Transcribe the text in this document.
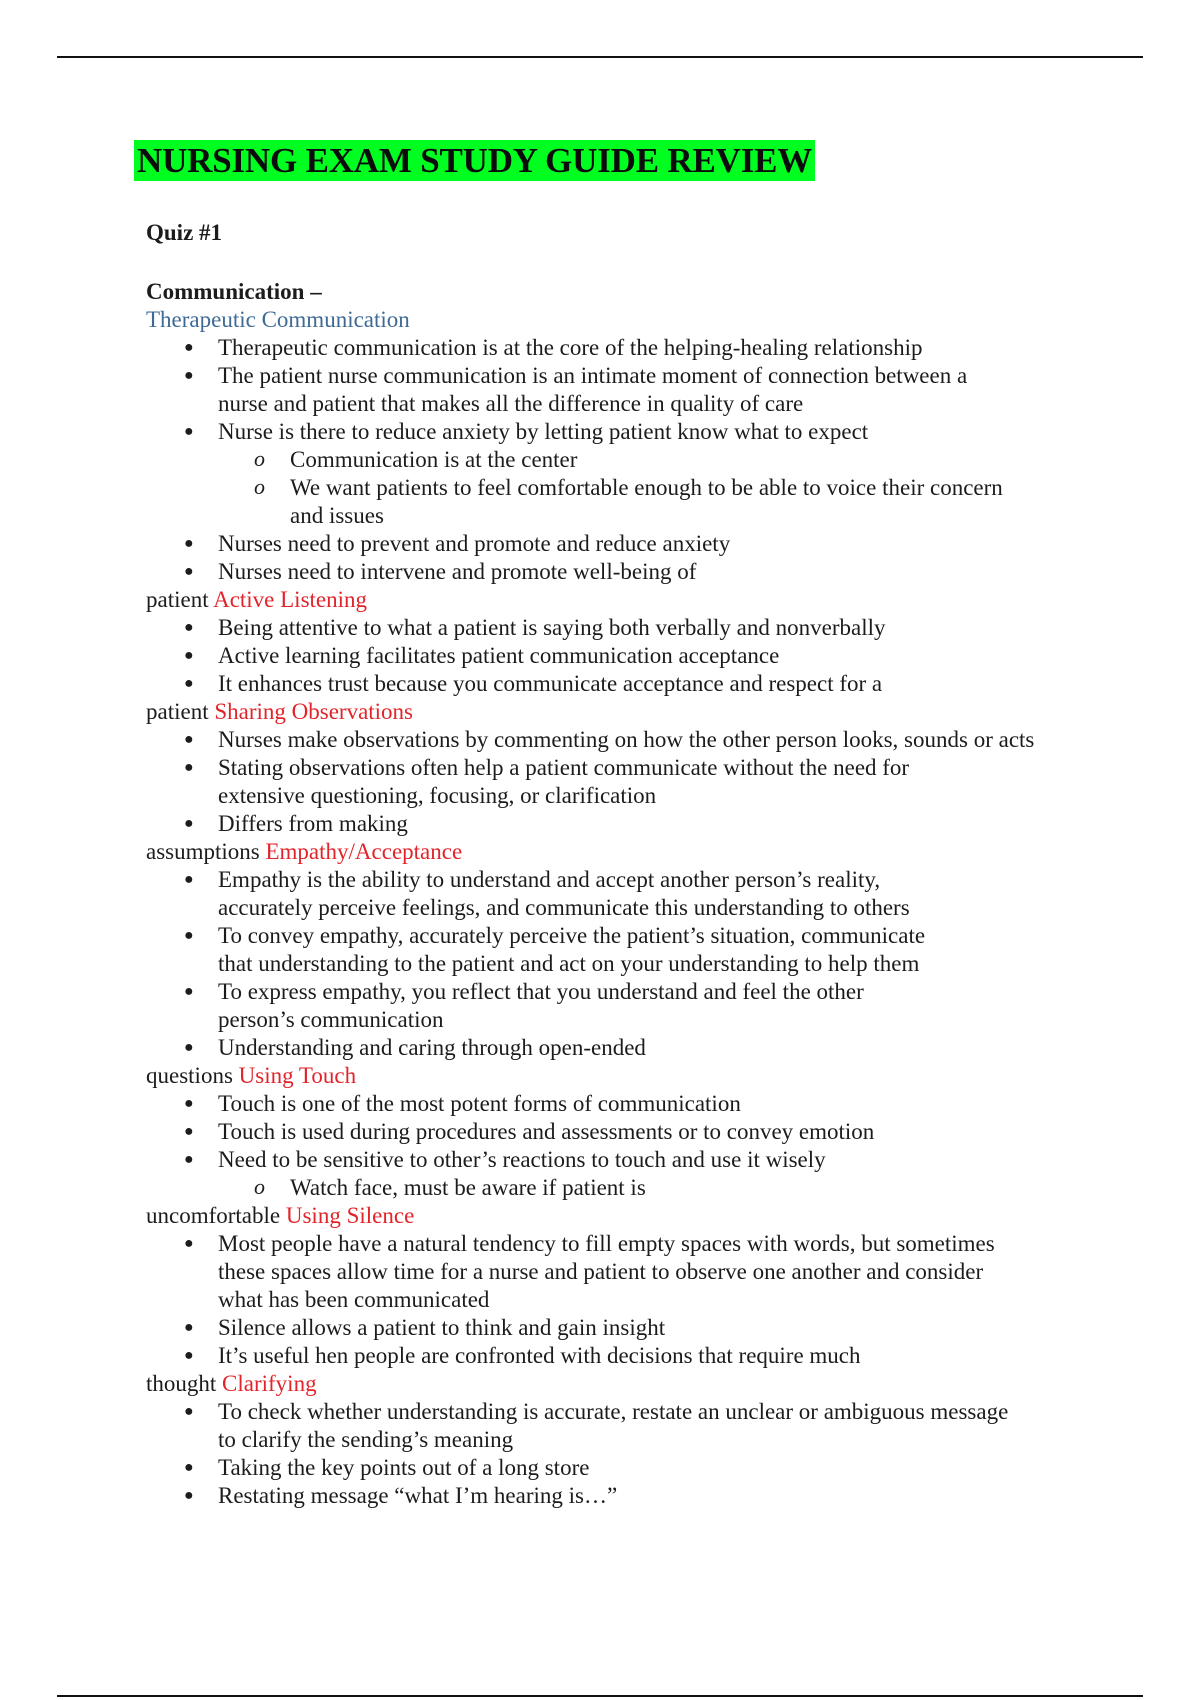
NURSING EXAM STUDY GUIDE REVIEW
Quiz #1
Communication –
Therapeutic Communication
● Therapeutic communication is at the core of the helping-healing relationship
● The patient nurse communication is an intimate moment of connection between a
nurse and patient that makes all the difference in quality of care
● Nurse is there to reduce anxiety by letting patient know what to expect
o Communication is at the center
o We want patients to feel comfortable enough to be able to voice their concern
and issues
● Nurses need to prevent and promote and reduce anxiety
● Nurses need to intervene and promote well-being of
patient Active Listening
● Being attentive to what a patient is saying both verbally and nonverbally
● Active learning facilitates patient communication acceptance
● It enhances trust because you communicate acceptance and respect for a
patient Sharing Observations
● Nurses make observations by commenting on how the other person looks, sounds or acts
● Stating observations often help a patient communicate without the need for
extensive questioning, focusing, or clarification
● Differs from making
assumptions Empathy/Acceptance
● Empathy is the ability to understand and accept another person’s reality,
accurately perceive feelings, and communicate this understanding to others
● To convey empathy, accurately perceive the patient’s situation, communicate
that understanding to the patient and act on your understanding to help them
● To express empathy, you reflect that you understand and feel the other
person’s communication
● Understanding and caring through open-ended
questions Using Touch
● Touch is one of the most potent forms of communication
● Touch is used during procedures and assessments or to convey emotion
● Need to be sensitive to other’s reactions to touch and use it wisely
o Watch face, must be aware if patient is
uncomfortable Using Silence
● Most people have a natural tendency to fill empty spaces with words, but sometimes
these spaces allow time for a nurse and patient to observe one another and consider
what has been communicated
● Silence allows a patient to think and gain insight
● It’s useful hen people are confronted with decisions that require much
thought Clarifying
● To check whether understanding is accurate, restate an unclear or ambiguous message
to clarify the sending’s meaning
● Taking the key points out of a long store
● Restating message “what I’m hearing is…”
